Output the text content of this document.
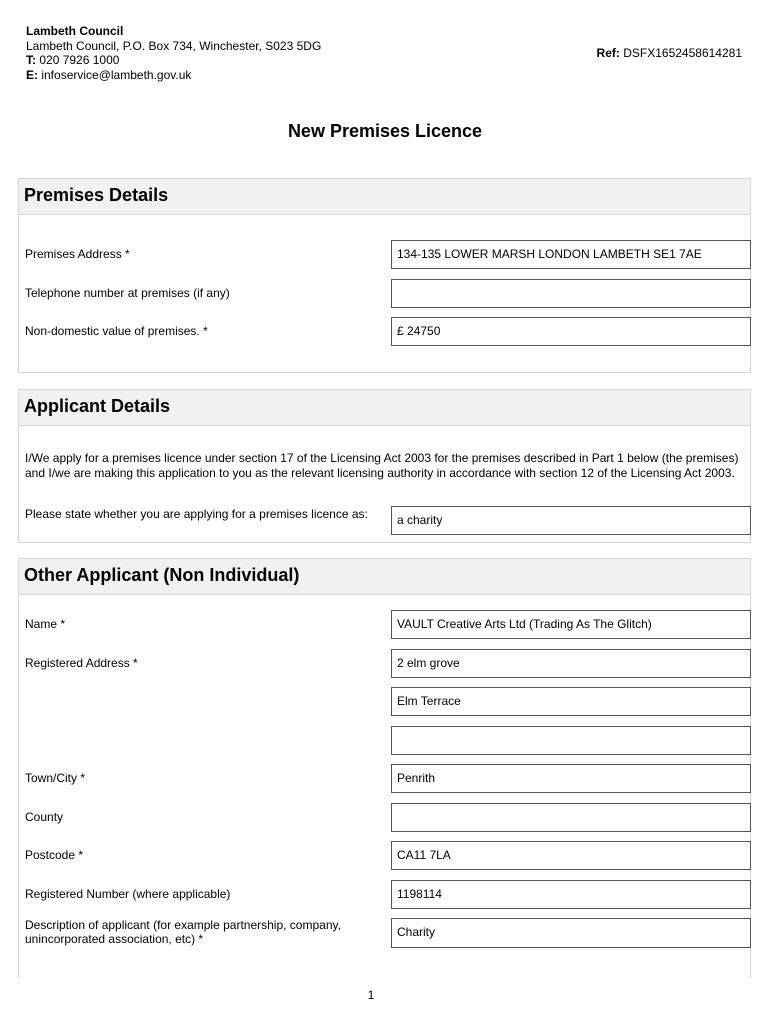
Lambeth Council
Lambeth Council, P.O. Box 734, Winchester, S023 5DG
T: 020 7926 1000
E: infoservice@lambeth.gov.uk
Ref: DSFX1652458614281
New Premises Licence
Premises Details
Premises Address *	134-135 LOWER MARSH LONDON LAMBETH SE1 7AE
Telephone number at premises (if any)
Non-domestic value of premises. *	£ 24750
Applicant Details
I/We apply for a premises licence under section 17 of the Licensing Act 2003 for the premises described in Part 1 below (the premises) and I/we are making this application to you as the relevant licensing authority in accordance with section 12 of the Licensing Act 2003.
Please state whether you are applying for a premises licence as:	a charity
Other Applicant (Non Individual)
Name *	VAULT Creative Arts Ltd (Trading As The Glitch)
Registered Address *	2 elm grove
Elm Terrace
Town/City *	Penrith
County
Postcode *	CA11 7LA
Registered Number (where applicable)	1198114
Description of applicant (for example partnership, company, unincorporated association, etc) *	Charity
1
